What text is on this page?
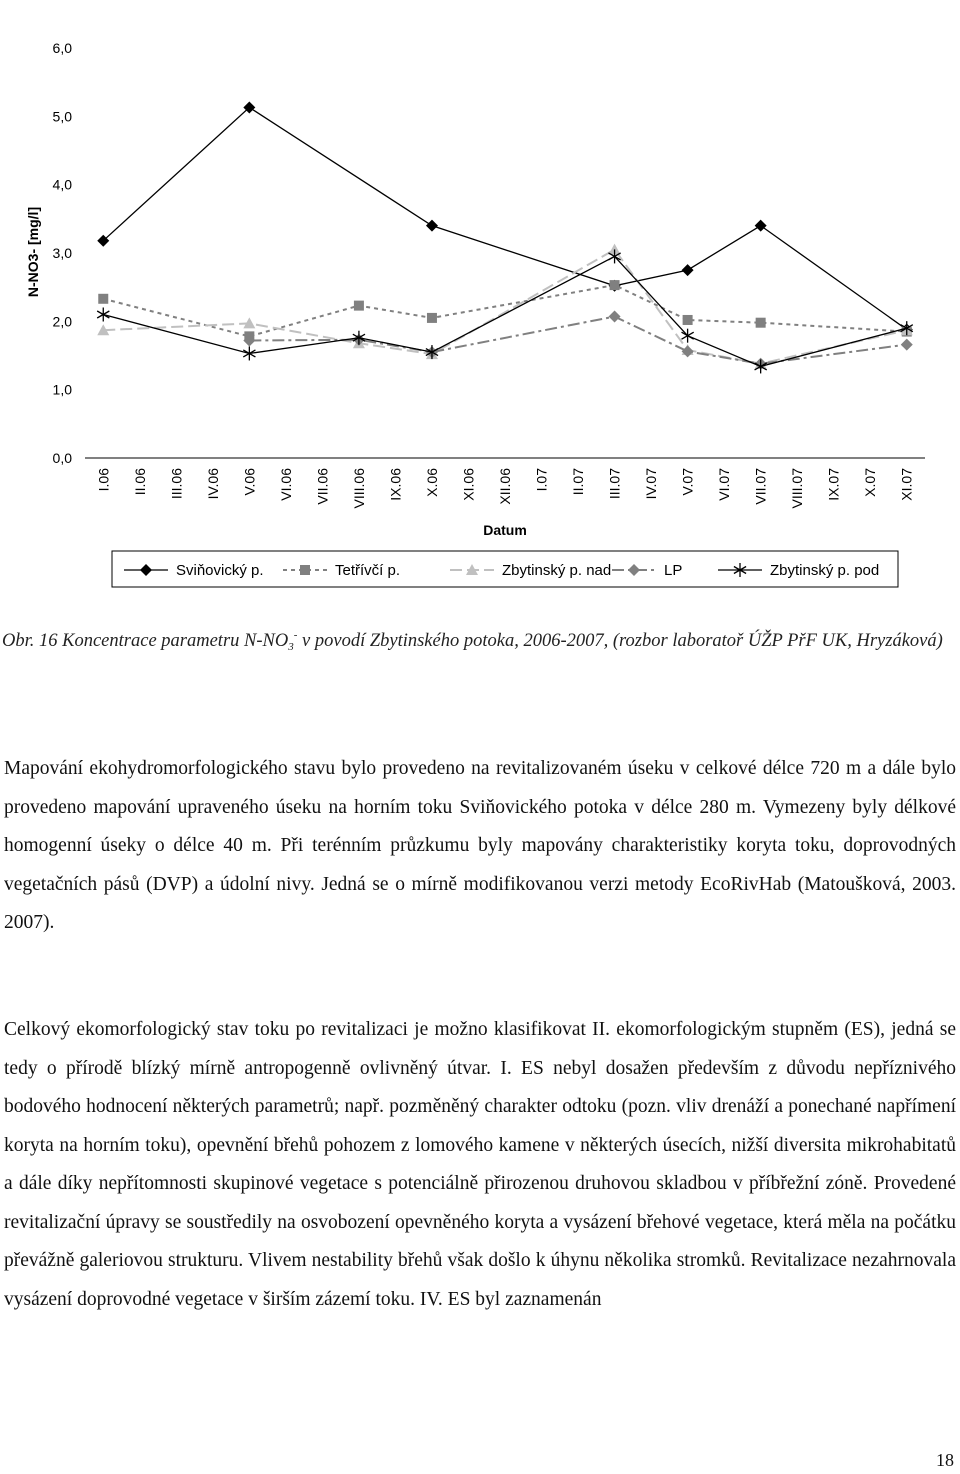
N-NO3- [mg/l]
0,0
1,0
2,0
3,0
4,0
5,0
6,0
I.06 II.06 III.06 IV.06 V.06 VI.06 VII.06 VIII.06 IX.06 X.06 XI.06 XII.06 I.07 II.07 III.07 IV.07 V.07 VI.07 VII.07 VIII.07 IX.07 X.07 XI.07
Datum
Sviňovický p.	Tetřívčí p.	Zbytinský p. nad	LP	Zbytinský p. pod
Obr. 16 Koncentrace parametru $N-NO_3^-$ v povodí Zbytinského potoka, 2006-2007, (rozbor laboratoř ÚŽP PřF UK, Hryzáková)
Mapování ekohydromorfologického stavu bylo provedeno na revitalizovaném úseku v celkové délce 720 m a dále bylo provedeno mapování upraveného úseku na horním toku Sviňovického potoka v délce 280 m. Vymezeny byly délkové homogenní úseky o délce 40 m. Při terénním průzkumu byly mapovány charakteristiky koryta toku, doprovodných vegetačních pásů (DVP) a údolní nivy. Jedná se o mírně modifikovanou verzi metody EcoRivHab (Matoušková, 2003. 2007).
Celkový ekomorfologický stav toku po revitalizaci je možno klasifikovat II. ekomorfologickým stupněm (ES), jedná se tedy o přírodě blízký mírně antropogenně ovlivněný útvar. I. ES nebyl dosažen především z důvodu nepříznivého bodového hodnocení některých parametrů; např. pozměněný charakter odtoku (pozn. vliv drenáží a ponechané napřímení koryta na horním toku), opevnění břehů pohozem z lomového kamene v některých úsecích, nižší diversita mikrohabitatů a dále díky nepřítomnosti skupinové vegetace s potenciálně přirozenou druhovou skladbou v příbřežní zóně. Provedené revitalizační úpravy se soustředily na osvobození opevněného koryta a vysázení břehové vegetace, která měla na počátku převážně galeriovou strukturu. Vlivem nestability břehů však došlo k úhynu několika stromků. Revitalizace nezahrnovala vysázení doprovodné vegetace v širším zázemí toku. IV. ES byl zaznamenán
18
